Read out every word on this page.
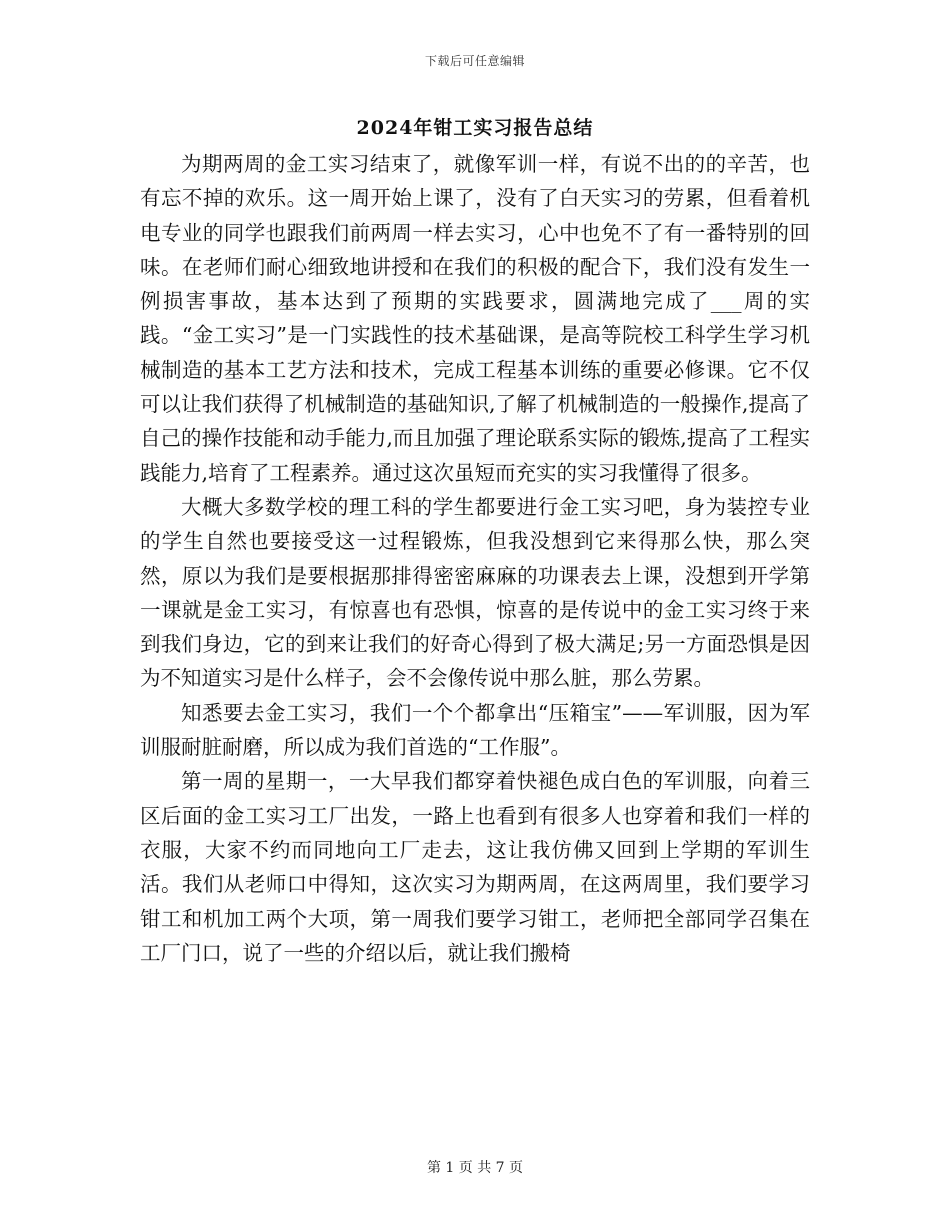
下载后可任意编辑
2024年钳工实习报告总结

为期两周的金工实习结束了，就像军训一样，有说不出的的辛苦，也有忘不掉的欢乐。这一周开始上课了，没有了白天实习的劳累，但看着机电专业的同学也跟我们前两周一样去实习，心中也免不了有一番特别的回味。在老师们耐心细致地讲授和在我们的积极的配合下，我们没有发生一例损害事故，基本达到了预期的实践要求，圆满地完成了___周的实践。“金工实习”是一门实践性的技术基础课，是高等院校工科学生学习机械制造的基本工艺方法和技术，完成工程基本训练的重要必修课。它不仅可以让我们获得了机械制造的基础知识,了解了机械制造的一般操作,提高了自己的操作技能和动手能力,而且加强了理论联系实际的锻炼,提高了工程实践能力,培育了工程素养。通过这次虽短而充实的实习我懂得了很多。

大概大多数学校的理工科的学生都要进行金工实习吧，身为装控专业的学生自然也要接受这一过程锻炼，但我没想到它来得那么快，那么突然，原以为我们是要根据那排得密密麻麻的功课表去上课，没想到开学第一课就是金工实习，有惊喜也有恐惧，惊喜的是传说中的金工实习终于来到我们身边，它的到来让我们的好奇心得到了极大满足;另一方面恐惧是因为不知道实习是什么样子，会不会像传说中那么脏，那么劳累。

知悉要去金工实习，我们一个个都拿出“压箱宝”——军训服，因为军训服耐脏耐磨，所以成为我们首选的“工作服”。

第一周的星期一，一大早我们都穿着快褪色成白色的军训服，向着三区后面的金工实习工厂出发，一路上也看到有很多人也穿着和我们一样的衣服，大家不约而同地向工厂走去，这让我仿佛又回到上学期的军训生活。我们从老师口中得知，这次实习为期两周，在这两周里，我们要学习钳工和机加工两个大项，第一周我们要学习钳工，老师把全部同学召集在工厂门口，说了一些的介绍以后，就让我们搬椅

第 1 页 共 7 页
